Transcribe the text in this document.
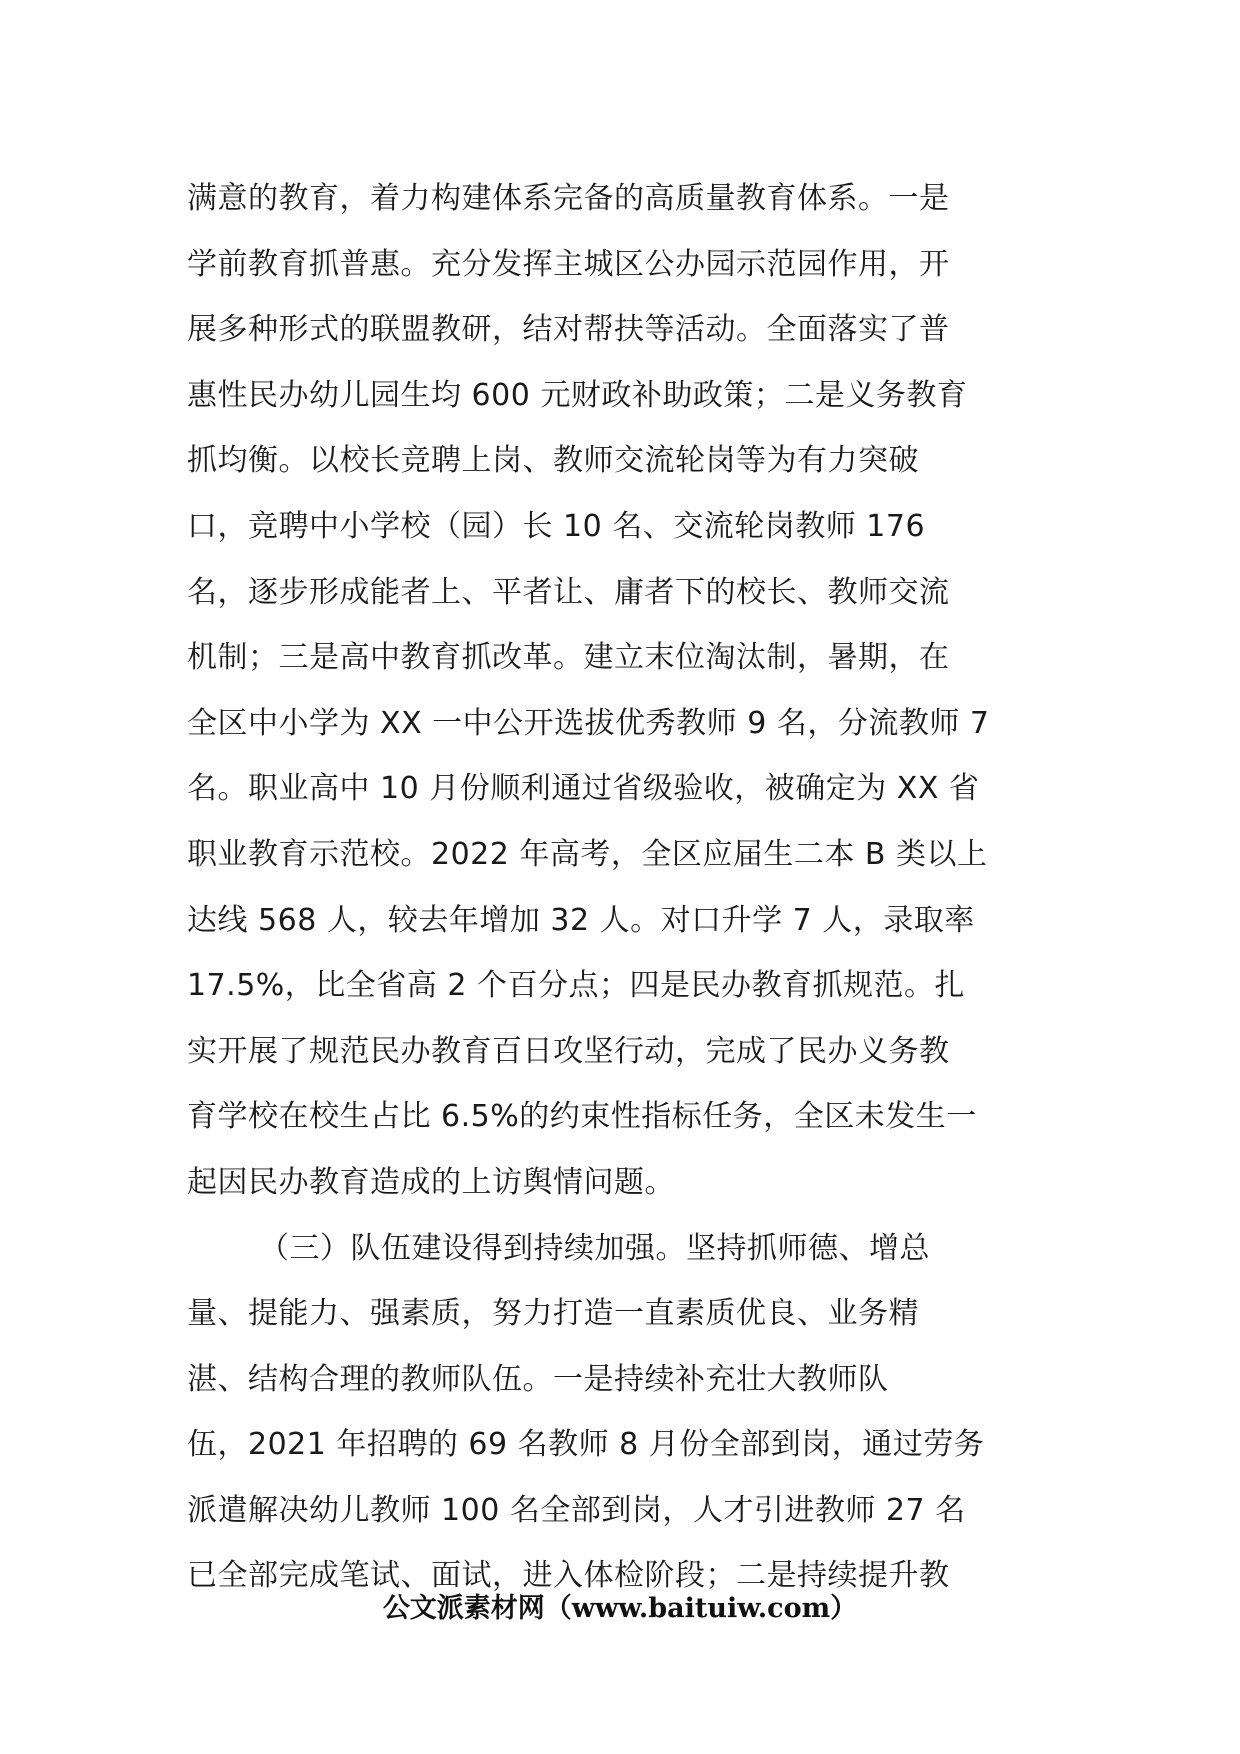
满意的教育，着力构建体系完备的高质量教育体系。一是
学前教育抓普惠。充分发挥主城区公办园示范园作用，开
展多种形式的联盟教研，结对帮扶等活动。全面落实了普
惠性民办幼儿园生均 600 元财政补助政策；二是义务教育
抓均衡。以校长竞聘上岗、教师交流轮岗等为有力突破
口，竞聘中小学校（园）长 10 名、交流轮岗教师 176
名，逐步形成能者上、平者让、庸者下的校长、教师交流
机制；三是高中教育抓改革。建立末位淘汰制，暑期，在
全区中小学为 XX 一中公开选拔优秀教师 9 名，分流教师 7
名。职业高中 10 月份顺利通过省级验收，被确定为 XX 省
职业教育示范校。2022 年高考，全区应届生二本 B 类以上
达线 568 人，较去年增加 32 人。对口升学 7 人，录取率
17.5%，比全省高 2 个百分点；四是民办教育抓规范。扎
实开展了规范民办教育百日攻坚行动，完成了民办义务教
育学校在校生占比 6.5%的约束性指标任务，全区未发生一
起因民办教育造成的上访舆情问题。
（三）队伍建设得到持续加强。坚持抓师德、增总
量、提能力、强素质，努力打造一直素质优良、业务精
湛、结构合理的教师队伍。一是持续补充壮大教师队
伍，2021 年招聘的 69 名教师 8 月份全部到岗，通过劳务
派遣解决幼儿教师 100 名全部到岗，人才引进教师 27 名
已全部完成笔试、面试，进入体检阶段；二是持续提升教
公文派素材网（www.baituiw.com）
